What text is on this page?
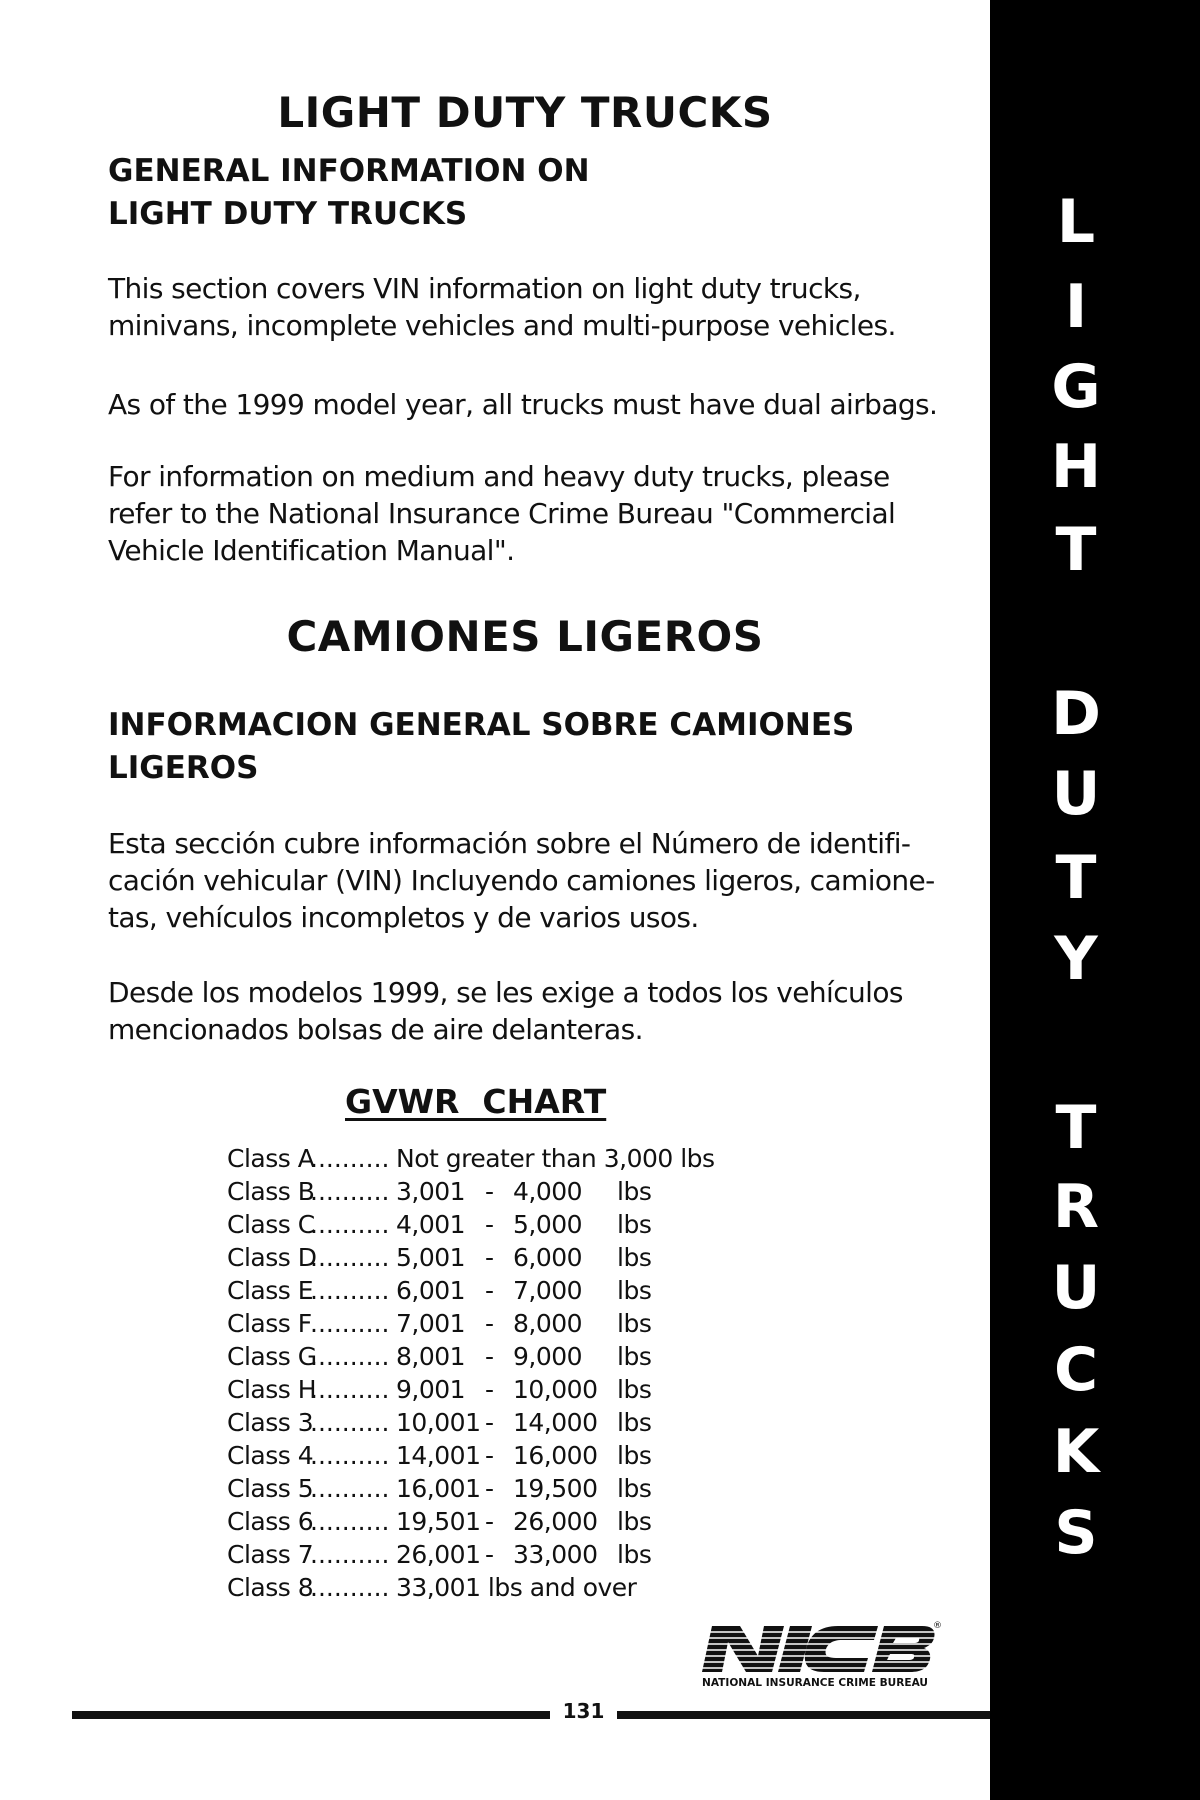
LIGHT DUTY TRUCKS
GENERAL INFORMATION ON
LIGHT DUTY TRUCKS
This section covers VIN information on light duty trucks,
minivans, incomplete vehicles and multi-purpose vehicles.
As of the 1999 model year, all trucks must have dual airbags.
For information on medium and heavy duty trucks, please
refer to the National Insurance Crime Bureau "Commercial
Vehicle Identification Manual".
CAMIONES LIGEROS
INFORMACION GENERAL SOBRE CAMIONES
LIGEROS
Esta sección cubre información sobre el Número de identifi-
cación vehicular (VIN) Incluyendo camiones ligeros, camione-
tas, vehículos incompletos y de varios usos.
Desde los modelos 1999, se les exige a todos los vehículos
mencionados bolsas de aire delanteras.
GVWR  CHART
Class A
.......... Not greater than 3,000 lbs
Class B
.......... 3,001 - 4,000 lbs
Class C
.......... 4,001 - 5,000 lbs
Class D
.......... 5,001 - 6,000 lbs
Class E
.......... 6,001 - 7,000 lbs
Class F
.......... 7,001 - 8,000 lbs
Class G
.......... 8,001 - 9,000 lbs
Class H
.......... 9,001 - 10,000 lbs
Class 3
.......... 10,001 - 14,000 lbs
Class 4
.......... 14,001 - 16,000 lbs
Class 5
.......... 16,001 - 19,500 lbs
Class 6
.......... 19,501 - 26,000 lbs
Class 7
.......... 26,001 - 33,000 lbs
Class 8
.......... 33,001 lbs and over
®
NATIONAL INSURANCE CRIME BUREAU
131
L
I
G
H
T
D
U
T
Y
T
R
U
C
K
S
